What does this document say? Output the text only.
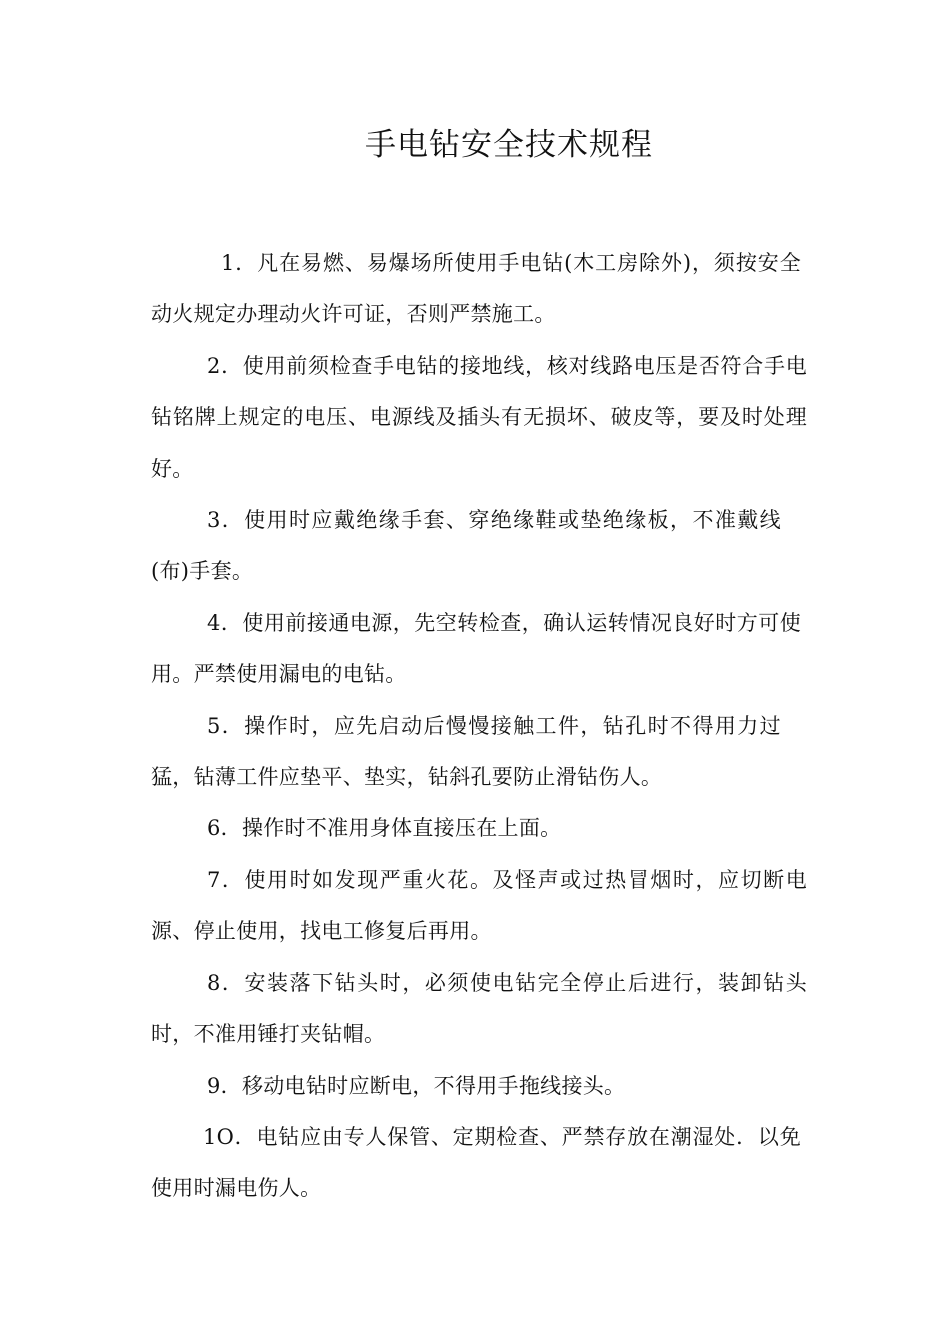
手电钻安全技术规程

1．凡在易燃、易爆场所使用手电钻(木工房除外)，须按安全动火规定办理动火许可证，否则严禁施工。

2．使用前须检查手电钻的接地线，核对线路电压是否符合手电钻铭牌上规定的电压、电源线及插头有无损坏、破皮等，要及时处理好。

3．使用时应戴绝缘手套、穿绝缘鞋或垫绝缘板，不准戴线(布)手套。

4．使用前接通电源，先空转检查，确认运转情况良好时方可使用。严禁使用漏电的电钻。

5．操作时，应先启动后慢慢接触工件，钻孔时不得用力过猛，钻薄工件应垫平、垫实，钻斜孔要防止滑钻伤人。

6．操作时不准用身体直接压在上面。

7．使用时如发现严重火花。及怪声或过热冒烟时，应切断电源、停止使用，找电工修复后再用。

8．安装落下钻头时，必须使电钻完全停止后进行，装卸钻头时，不准用锤打夹钻帽。

9．移动电钻时应断电，不得用手拖线接头。

1O．电钻应由专人保管、定期检查、严禁存放在潮湿处．以免使用时漏电伤人。
